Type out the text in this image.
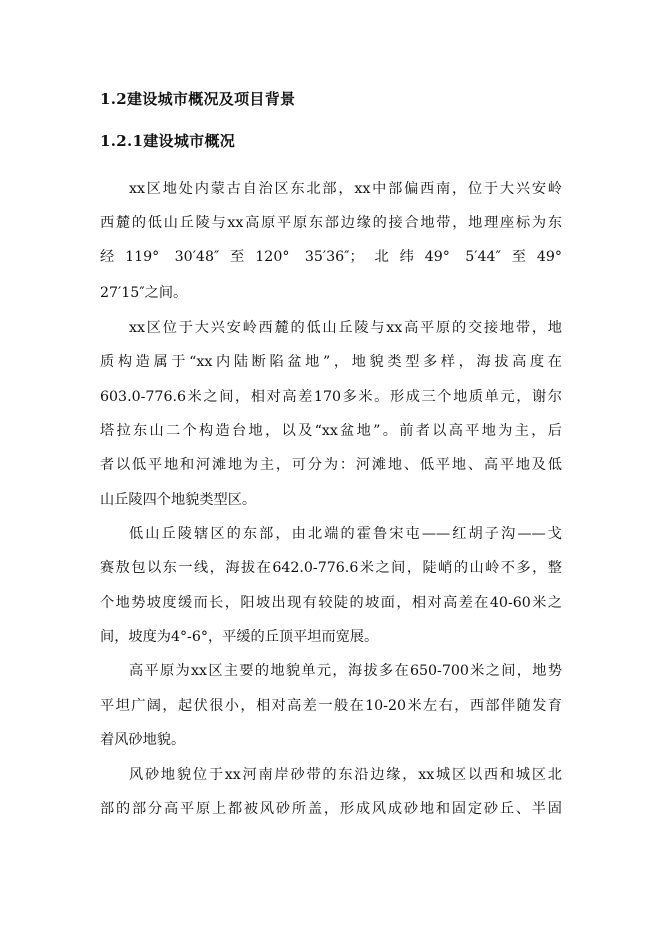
1.2建设城市概况及项目背景
1.2.1建设城市概况
xx区地处内蒙古自治区东北部，xx中部偏西南，位于大兴安岭
西麓的低山丘陵与xx高原平原东部边缘的接合地带，地理座标为东
经119° 30′48″至120° 35′36″；北纬49° 5′44″至49°
27′15″之间。
xx区位于大兴安岭西麓的低山丘陵与xx高平原的交接地带，地
质构造属于“xx内陆断陷盆地”，地貌类型多样，海拔高度在
603.0-776.6米之间，相对高差170多米。形成三个地质单元，谢尔
塔拉东山二个构造台地，以及“xx盆地”。前者以高平地为主，后
者以低平地和河滩地为主，可分为：河滩地、低平地、高平地及低
山丘陵四个地貌类型区。
低山丘陵辖区的东部，由北端的霍鲁宋屯——红胡子沟——戈
赛敖包以东一线，海拔在642.0-776.6米之间，陡峭的山岭不多，整
个地势坡度缓而长，阳坡出现有较陡的坡面，相对高差在40-60米之
间，坡度为4°-6°，平缓的丘顶平坦而宽展。
高平原为xx区主要的地貌单元，海拔多在650-700米之间，地势
平坦广阔，起伏很小，相对高差一般在10-20米左右，西部伴随发育
着风砂地貌。
风砂地貌位于xx河南岸砂带的东沿边缘，xx城区以西和城区北
部的部分高平原上都被风砂所盖，形成风成砂地和固定砂丘、半固
